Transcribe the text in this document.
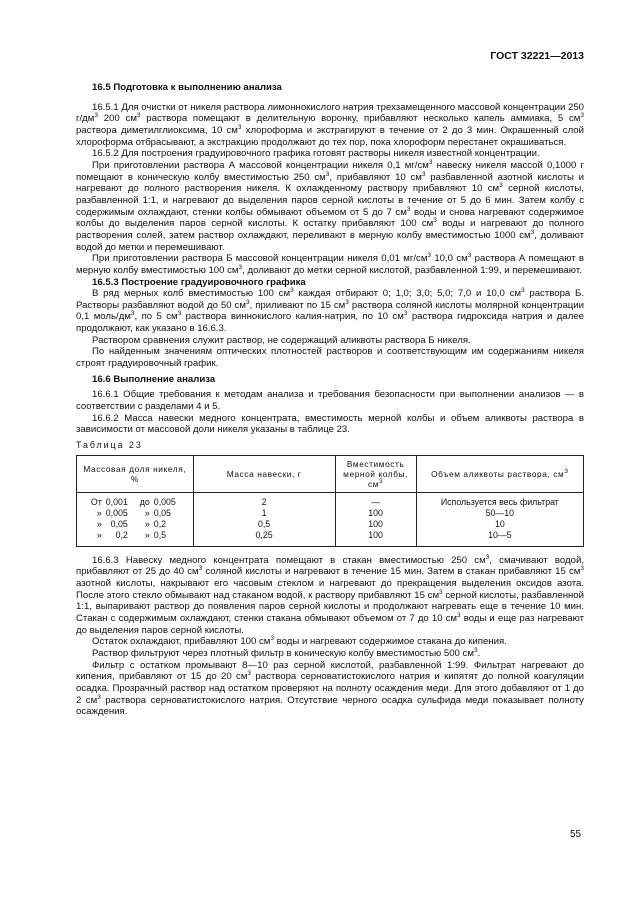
ГОСТ 32221—2013
16.5 Подготовка к выполнению анализа

16.5.1 Для очистки от никеля раствора лимоннокислого натрия трехзамещенного массовой концентрации 250 $г/дм^3$ 200 $см^3$ раствора помещают в делительную воронку, прибавляют несколько капель аммиака, 5 $см^3$ раствора диметилглиоксима, 10 $см^3$ хлороформа и экстрагируют в течение от 2 до 3 мин. Окрашенный слой хлороформа отбрасывают, а экстракцию продолжают до тех пор, пока хлороформ перестанет окрашиваться.

16.5.2 Для построения градуировочного графика готовят растворы никеля известной концентрации.

При приготовлении раствора А массовой концентрации никеля 0,1 $мг/см^3$ навеску никеля массой 0,1000 г помещают в коническую колбу вместимостью 250 $см^3$, прибавляют 10 $см^3$ разбавленной азотной кислоты и нагревают до полного растворения никеля. К охлажденному раствору прибавляют 10 $см^3$ серной кислоты, разбавленной 1:1, и нагревают до выделения паров серной кислоты в течение от 5 до 6 мин. Затем колбу с содержимым охлаждают, стенки колбы обмывают объемом от 5 до 7 $см^3$ воды и снова нагревают содержимое колбы до выделения паров серной кислоты. К остатку прибавляют 100 $см^3$ воды и нагревают до полного растворения солей, затем раствор охлаждают, переливают в мерную колбу вместимостью 1000 $см^3$, доливают водой до метки и перемешивают.

При приготовлении раствора Б массовой концентрации никеля 0,01 $мг/см^3$ 10,0 $см^3$ раствора А помещают в мерную колбу вместимостью 100 $см^3$, доливают до метки серной кислотой, разбавленной 1:99, и перемешивают.

16.5.3 Построение градуировочного графика

В ряд мерных колб вместимостью 100 $см^3$ каждая отбирают 0; 1,0; 3,0; 5,0; 7,0 и 10,0 $см^3$ раствора Б. Растворы разбавляют водой до 50 $см^3$, приливают по 15 $см^3$ раствора соляной кислоты молярной концентрации 0,1 моль/$дм^3$, по 5 $см^3$ раствора виннокислого калия-натрия, по 10 $см^3$ раствора гидроксида натрия и далее продолжают, как указано в 16.6.3.

Раствором сравнения служит раствор, не содержащий аликвоты раствора Б никеля.

По найденным значениям оптических плотностей растворов и соответствующим им содержаниям никеля строят градуировочный график.

16.6 Выполнение анализа

16.6.1 Общие требования к методам анализа и требования безопасности при выполнении анализов — в соответствии с разделами 4 и 5.

16.6.2 Масса навески медного концентрата, вместимость мерной колбы и объем аликвоты раствора в зависимости от массовой доли никеля указаны в таблице 23.

Таблица 23

Массовая доля никеля, %	Масса навески, г	Вместимость мерной колбы, $см^3$	Объем аликвоты раствора, $см^3$

От 0,001 до 0,005	2	—	Используется весь фильтрат
» 0,005 » 0,05	1	100	50—10
» 0,05 » 0,2	0,5	100	10
» 0,2 » 0,5	0,25	100	10—5

16.6.3 Навеску медного концентрата помещают в стакан вместимостью 250 $см^3$, смачивают водой, прибавляют от 25 до 40 $см^3$ соляной кислоты и нагревают в течение 15 мин. Затем в стакан прибавляют 15 $см^3$ азотной кислоты, накрывают его часовым стеклом и нагревают до прекращения выделения оксидов азота. После этого стекло обмывают над стаканом водой, к раствору прибавляют 15 $см^3$ серной кислоты, разбавленной 1:1, выпаривают раствор до появления паров серной кислоты и продолжают нагревать еще в течение 10 мин. Стакан с содержимым охлаждают, стенки стакана обмывают объемом от 7 до 10 $см^3$ воды и еще раз нагревают до выделения паров серной кислоты.

Остаток охлаждают, прибавляют 100 $см^3$ воды и нагревают содержимое стакана до кипения.

Раствор фильтруют через плотный фильтр в коническую колбу вместимостью 500 $см^3$.

Фильтр с остатком промывают 8—10 раз серной кислотой, разбавленной 1:99. Фильтрат нагревают до кипения, прибавляют от 15 до 20 $см^3$ раствора серноватистокислого натрия и кипятят до полной коагуляции осадка. Прозрачный раствор над остатком проверяют на полноту осаждения меди. Для этого добавляют от 1 до 2 $см^3$ раствора серноватистокислого натрия. Отсутствие черного осадка сульфида меди показывает полноту осаждения.

55
